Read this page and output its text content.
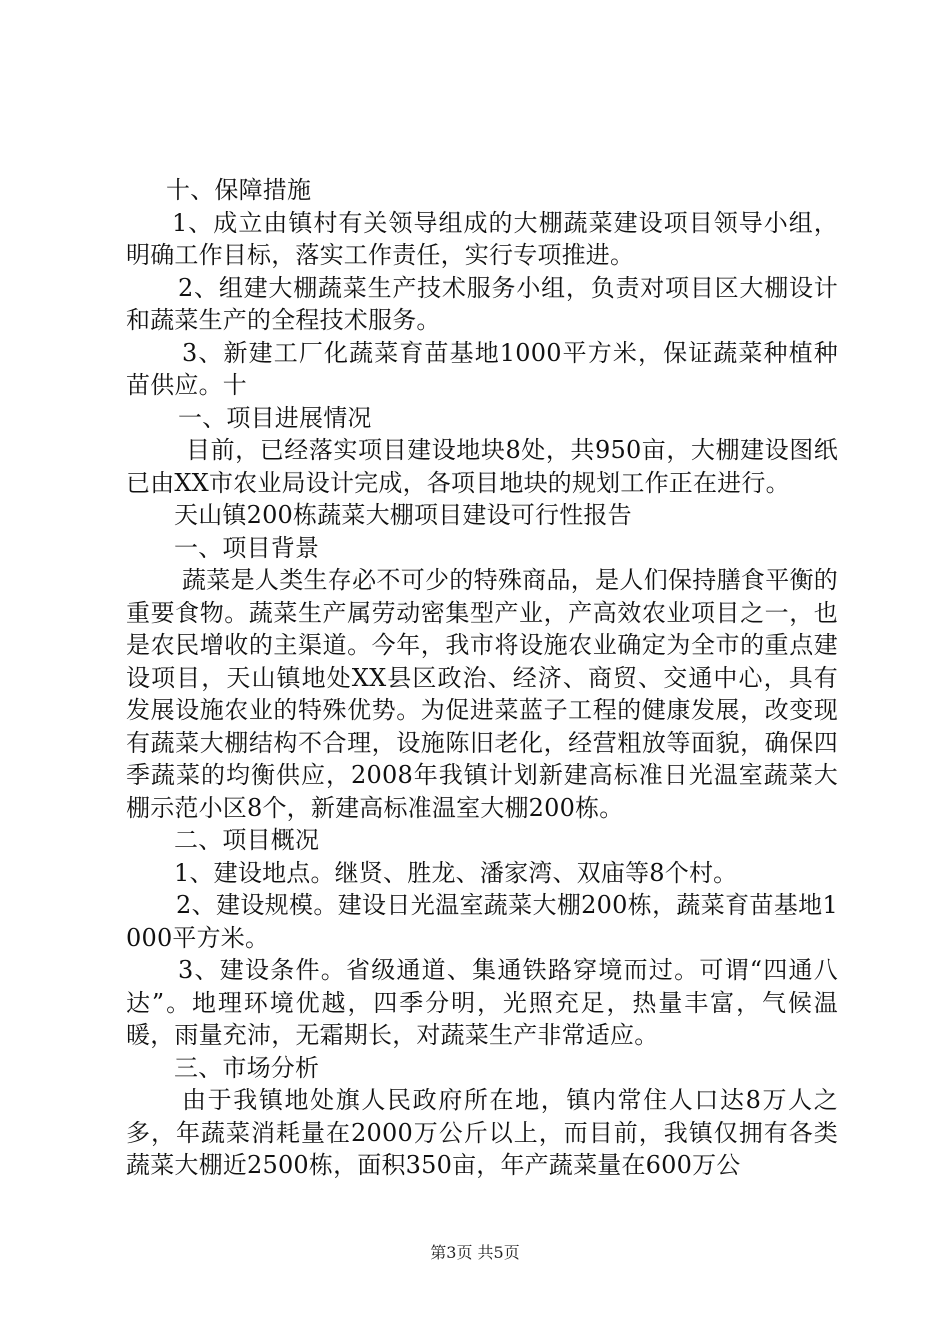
十、保障措施

1、成立由镇村有关领导组成的大棚蔬菜建设项目领导小组，明确工作目标，落实工作责任，实行专项推进。

2、组建大棚蔬菜生产技术服务小组，负责对项目区大棚设计和蔬菜生产的全程技术服务。

3、新建工厂化蔬菜育苗基地1000平方米，保证蔬菜种植种苗供应。十

一、项目进展情况

目前，已经落实项目建设地块8处，共950亩，大棚建设图纸已由XX市农业局设计完成，各项目地块的规划工作正在进行。

天山镇200栋蔬菜大棚项目建设可行性报告

一、项目背景

蔬菜是人类生存必不可少的特殊商品，是人们保持膳食平衡的重要食物。蔬菜生产属劳动密集型产业，产高效农业项目之一，也是农民增收的主渠道。今年，我市将设施农业确定为全市的重点建设项目，天山镇地处XX县区政治、经济、商贸、交通中心，具有发展设施农业的特殊优势。为促进菜蓝子工程的健康发展，改变现有蔬菜大棚结构不合理，设施陈旧老化，经营粗放等面貌，确保四季蔬菜的均衡供应，2008年我镇计划新建高标准日光温室蔬菜大棚示范小区8个，新建高标准温室大棚200栋。

二、项目概况

1、建设地点。继贤、胜龙、潘家湾、双庙等8个村。

2、建设规模。建设日光温室蔬菜大棚200栋，蔬菜育苗基地1000平方米。

3、建设条件。省级通道、集通铁路穿境而过。可谓“四通八达”。地理环境优越，四季分明，光照充足，热量丰富，气候温暖，雨量充沛，无霜期长，对蔬菜生产非常适应。

三、市场分析

由于我镇地处旗人民政府所在地，镇内常住人口达8万人之多，年蔬菜消耗量在2000万公斤以上，而目前，我镇仅拥有各类蔬菜大棚近2500栋，面积350亩，年产蔬菜量在600万公

第3页 共5页
